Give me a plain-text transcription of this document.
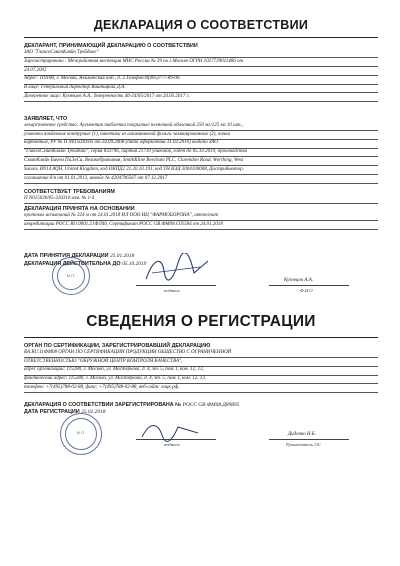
ДЕКЛАРАЦИЯ О СООТВЕТСТВИИ
ДЕКЛАРАНТ, ПРИНИМАЮЩИЙ ДЕКЛАРАЦИЮ О СООТВЕТСТВИИ
ЗАО "ГлаксоСмитКляйн Трейдинг"
Зарегистрировано : Межрайонная инспекция МНС России № 39 по г.Москве ОГРН 1027739011486 от
24.07.2002
Адрес: 119180, г. Москва, Якиманская наб., д. 2.Телефон:8(495)777-89-00.
В лице: Генеральный директор Вишницкий Д.А.
Доверенное лицо: Кузнецов А.А., доверенность 46-24/05/2017 от 24.05.2017 г.
ЗАЯВЛЯЕТ, ЧТО
лекарственное средство: Аугментин таблетки покрытые пленочной оболочкой 250 мг/125 мг 10 шт.,
упаковки ячейковые контурные (1), пакетики из алюминиевой фольги ламинированные (2), пачки
картонные, РУ № П N015030/05 от 24.09.2008 (дата оформления 31.03.2010) выдано ЗАО
"ГлаксоСмитКляйн Трейдинг", серия 833796, партия 21710 упаковок, годен до 05.10.2019, производства
СмитКляйн Бичем ПиЭлСи, Великобритания, SmithKline Beecham PLC, Clarendon Road, Worthing, West
Sussex, BN14 8QH, United Kingdom, код ОКПД2 21.20.10.191, код ТН ВЭД 3004100008, Дистрибьютор.
соглашение б/н от 01.01.2013, инвойс № 4204796567 от 07.12.2017
СООТВЕТСТВУЕТ ТРЕБОВАНИЯМ
П N015030/05-310310 изм. № 1-4
ДЕКЛАРАЦИЯ ПРИНЯТА НА ОСНОВАНИИ
протокол испытаний № 324 м от 24.01.2018 ИЛ ООО ИЦ "ФАРМОБОРОНА", аттестат
аккредитации РОСС RU.0001.21ФЛ40, Сертификат РОСС GB.ФМ08.С05584 от 24.01.2018
ДАТА ПРИНЯТИЯ ДЕКЛАРАЦИИ 25.01.2018
ДЕКЛАРАЦИЯ ДЕЙСТВИТЕЛЬНА ДО 05.10.2019
М.П.
подпись
Кузнецов А.А.
Ф.И.О
СВЕДЕНИЯ О РЕГИСТРАЦИИ
ОРГАН ПО СЕРТИФИКАЦИИ, ЗАРЕГИСТРИРОВАВШИЙ ДЕКЛАРАЦИЮ
RA.RU.11ФМ08 ОРГАН ПО СЕРТИФИКАЦИИ ПРОДУКЦИИ ОБЩЕСТВО С ОГРАНИЧЕННОЙ
ОТВЕТСТВЕННОСТЬЮ "ОКРУЖНОЙ ЦЕНТР КОНТРОЛЯ КАЧЕСТВА",
адрес организации: 115280, г. Москва, ул. Мастеркова, д. 4, эт. 5, пом. I, ком. 12, 13,
фактический адрес: 115280, г. Москва, ул. Мастеркова, д. 4, эт. 5, пом. I, ком. 12, 13,
телефон: +7(495)788-02-88, факс: +7(495)788-02-88, веб-сайт: ооцк.рф,
ДЕКЛАРАЦИЯ О СООТВЕТСТВИИ ЗАРЕГИСТРИРОВАНА № РОСС GB.ФМ08.Д89895
ДАТА РЕГИСТРАЦИИ 25.01.2018
М.П.
подпись
Диденко Н.Б.
Руководитель ОС
